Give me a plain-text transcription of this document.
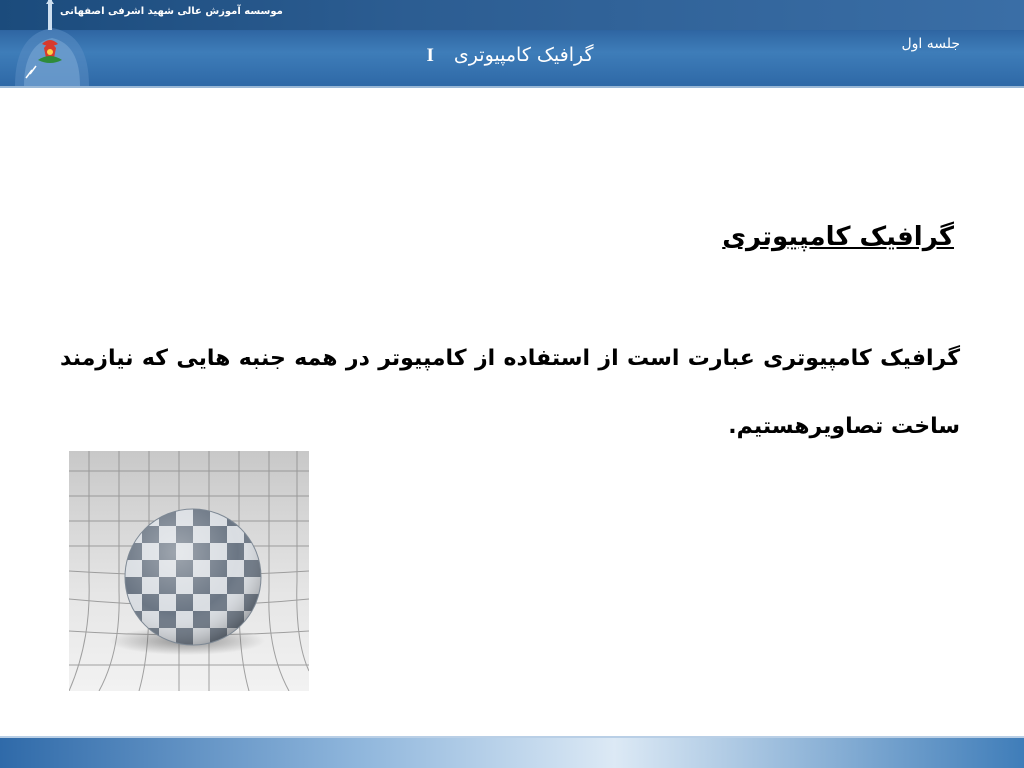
موسسه آموزش عالی شهید اشرفی اصفهانی
I گرافیک کامپیوتری	جلسه اول
گرافیک کامپیوتری
گرافیک کامپیوتری عبارت است از استفاده از کامپیوتر در همه جنبه هایی که نیازمند ساخت تصاویرهستیم.
